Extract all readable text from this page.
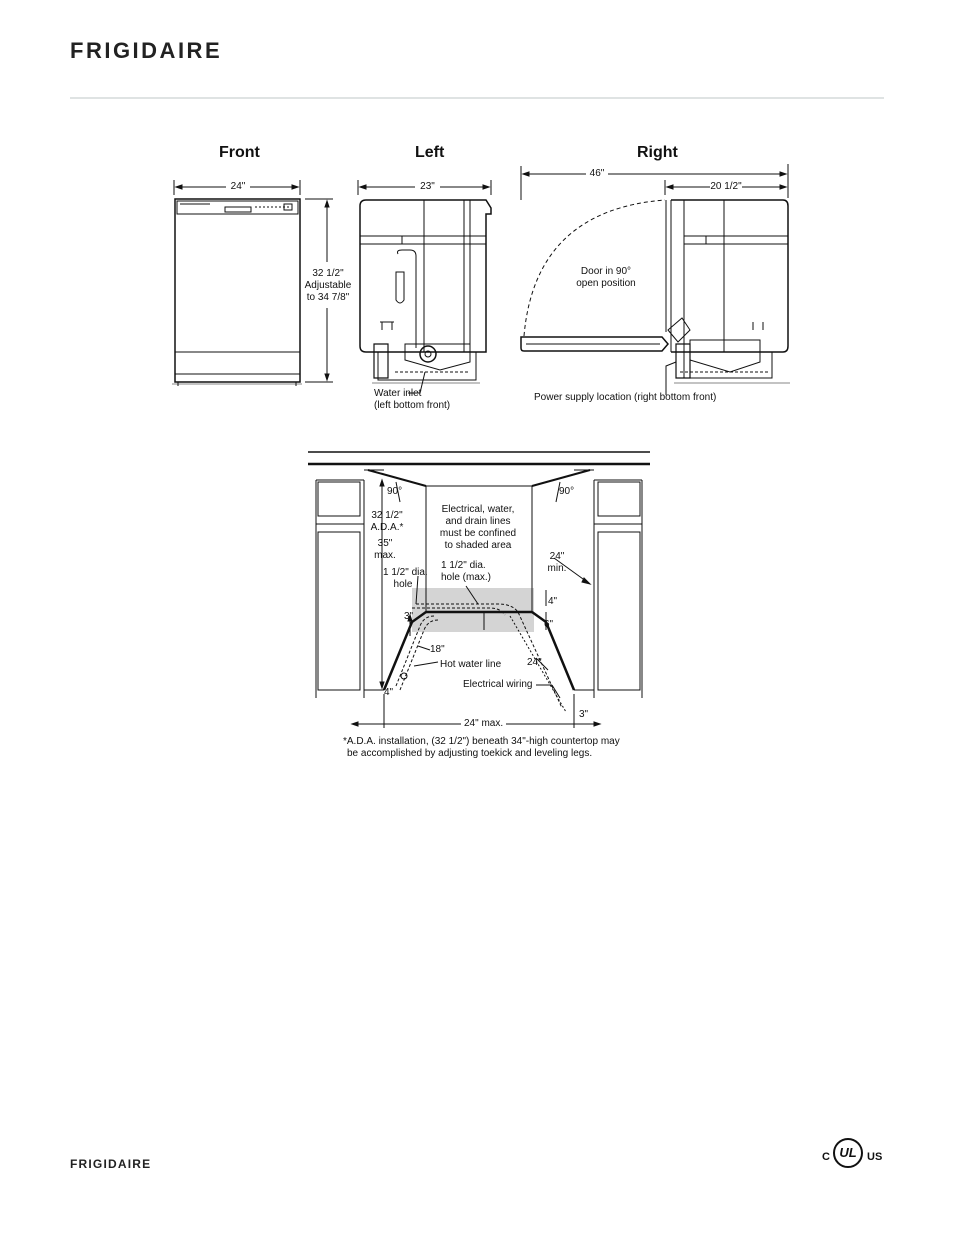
FRIGIDAIRE
Front	Left	Right
24"
32 1/2"
Adjustable
to 34 7/8"
23"
Water inlet
(left bottom front)
46"
20 1/2"
Door in 90°
open position
Power supply location (right bottom front)
90°	90°
32 1/2"
A.D.A.*
35"
max.
1 1/2" dia.
hole
Electrical, water,
and drain lines
must be confined
to shaded area
1 1/2" dia.
hole (max.)
24"
min.
3"
4"
6"
18"
Hot water line	24"
Electrical wiring
4"
3"
24" max.
*A.D.A. installation, (32 1/2") beneath 34"-high countertop may
be accomplished by adjusting toekick and leveling legs.
FRIGIDAIRE	C UL US
